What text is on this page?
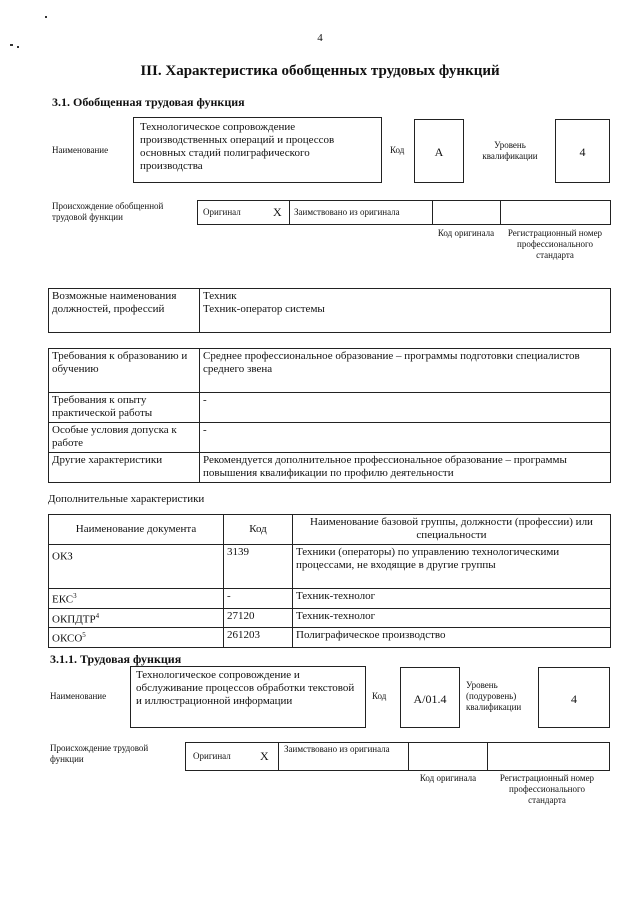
4
III. Характеристика обобщенных трудовых функций
3.1. Обобщенная трудовая функция
Наименование
Технологическое сопровождение производственных операций и процессов основных стадий полиграфического производства
Код	A	Уровень квалификации	4
Происхождение обобщенной трудовой функции	Оригинал	X Заимствовано из оригинала
Код оригинала	Регистрационный номер профессионального стандарта
Возможные наименования должностей, профессий	
Техник
Техник-оператор системы
Требования к образованию и обучению	Среднее профессиональное образование – программы подготовки специалистов среднего звена
Требования к опыту практической работы	-
Особые условия допуска к работе	-
Другие характеристики	Рекомендуется дополнительное профессиональное образование – программы повышения квалификации по профилю деятельности
Дополнительные характеристики
Наименование документа	Код	Наименование базовой группы, должности (профессии) или специальности
ОКЗ	3139	Техники (операторы) по управлению технологическими процессами, не входящие в другие группы
ЕКС$^3$	-	Техник-технолог
ОКПДТР$^4$	27120	Техник-технолог
ОКСО$^5$	261203	Полиграфическое производство
3.1.1. Трудовая функция
Наименование
Технологическое сопровождение и обслуживание процессов обработки текстовой и иллюстрационной информации	Код	A/01.4
Уровень (подуровень) квалификации
4
Происхождение трудовой функции	Оригинал X Заимствовано из оригинала
Код оригинала	Регистрационный номер профессионального стандарта
